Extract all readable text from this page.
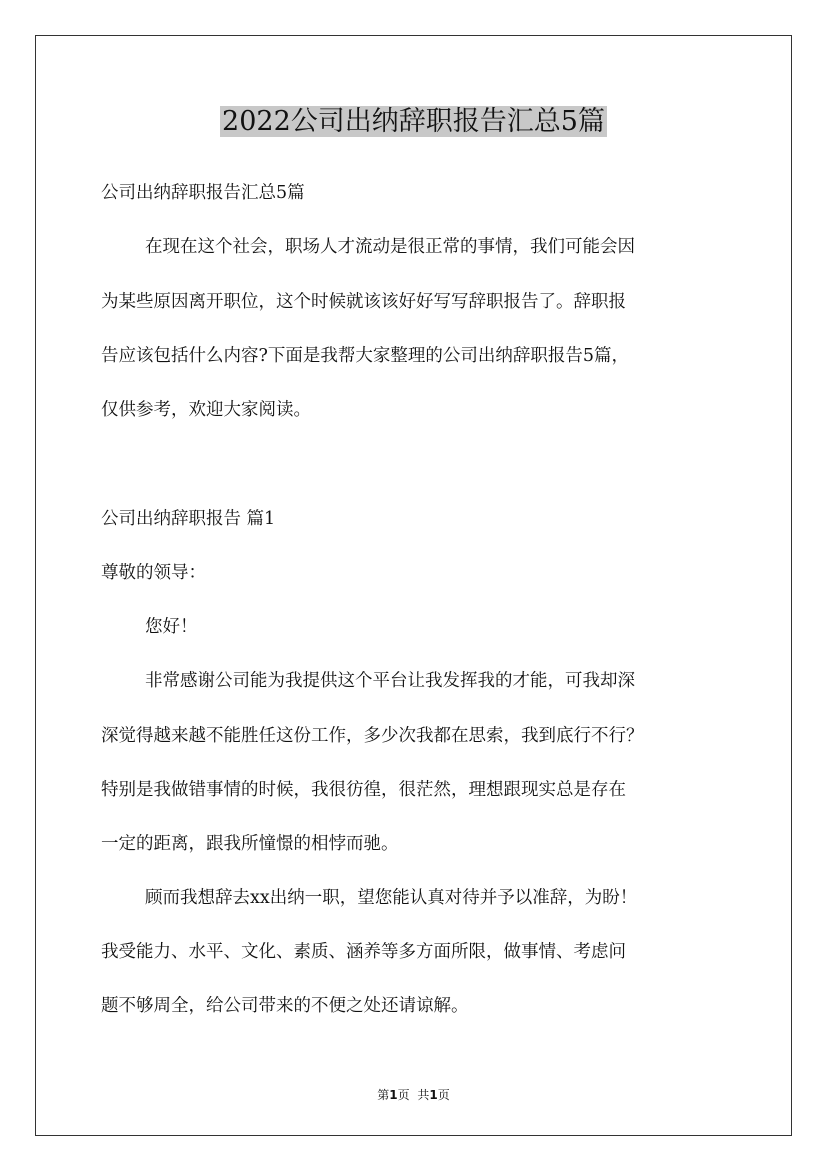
2022公司出纳辞职报告汇总5篇

公司出纳辞职报告汇总5篇

在现在这个社会，职场人才流动是很正常的事情，我们可能会因

为某些原因离开职位，这个时候就该该好好写写辞职报告了。辞职报

告应该包括什么内容?下面是我帮大家整理的公司出纳辞职报告5篇，

仅供参考，欢迎大家阅读。

公司出纳辞职报告 篇1

尊敬的领导：

您好！

非常感谢公司能为我提供这个平台让我发挥我的才能，可我却深

深觉得越来越不能胜任这份工作，多少次我都在思索，我到底行不行？

特别是我做错事情的时候，我很彷徨，很茫然，理想跟现实总是存在

一定的距离，跟我所憧憬的相悖而驰。

顾而我想辞去xx出纳一职，望您能认真对待并予以准辞，为盼！

我受能力、水平、文化、素质、涵养等多方面所限，做事情、考虑问

题不够周全，给公司带来的不便之处还请谅解。

第1页 共1页
